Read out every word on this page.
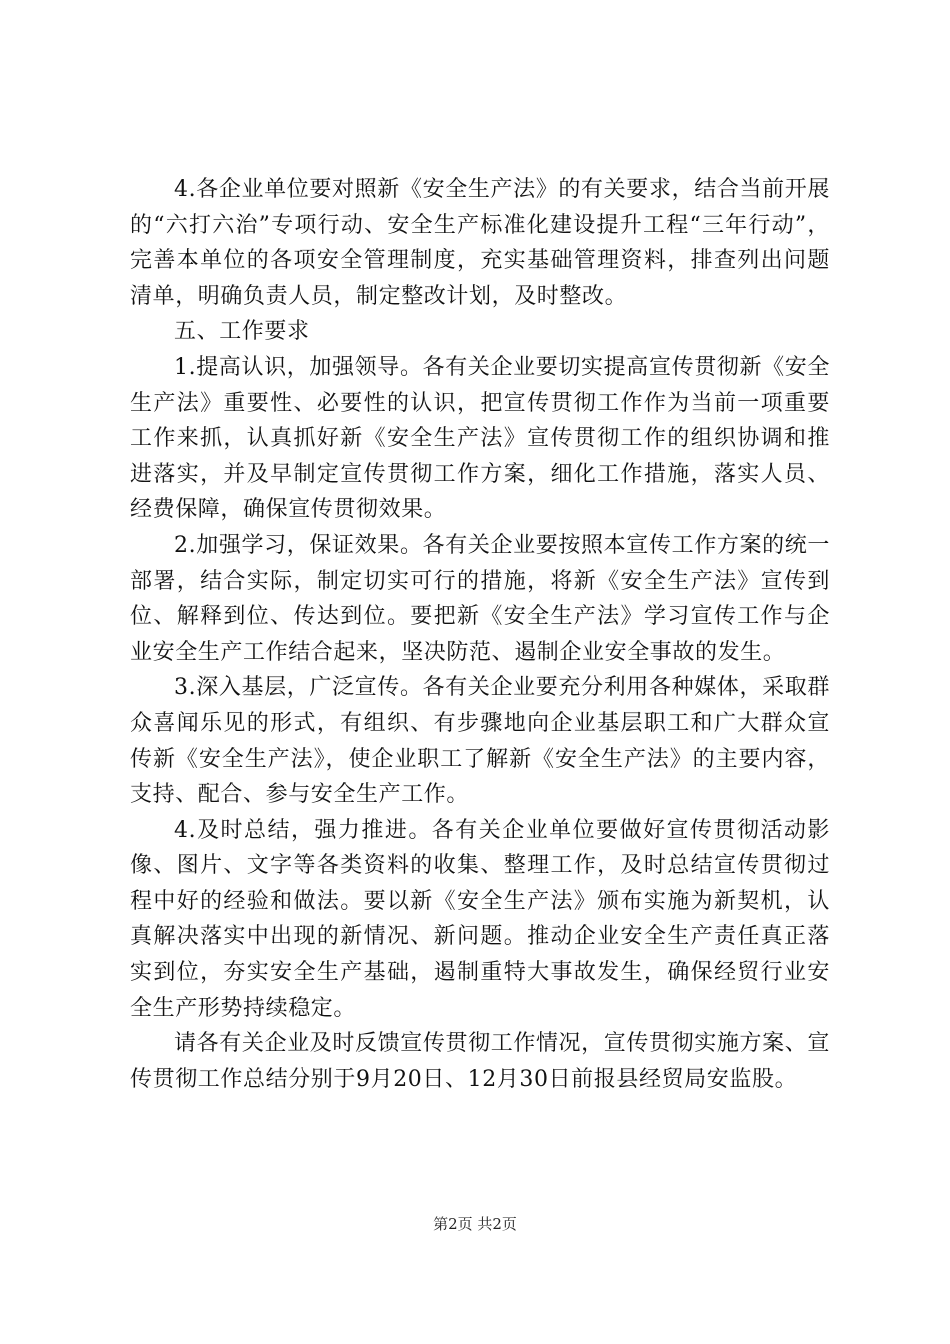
4.各企业单位要对照新《安全生产法》的有关要求，结合当前开展的“六打六治”专项行动、安全生产标准化建设提升工程“三年行动”，完善本单位的各项安全管理制度，充实基础管理资料，排查列出问题清单，明确负责人员，制定整改计划，及时整改。

五、工作要求

1.提高认识，加强领导。各有关企业要切实提高宣传贯彻新《安全生产法》重要性、必要性的认识，把宣传贯彻工作作为当前一项重要工作来抓，认真抓好新《安全生产法》宣传贯彻工作的组织协调和推进落实，并及早制定宣传贯彻工作方案，细化工作措施，落实人员、经费保障，确保宣传贯彻效果。

2.加强学习，保证效果。各有关企业要按照本宣传工作方案的统一部署，结合实际，制定切实可行的措施，将新《安全生产法》宣传到位、解释到位、传达到位。要把新《安全生产法》学习宣传工作与企业安全生产工作结合起来，坚决防范、遏制企业安全事故的发生。

3.深入基层，广泛宣传。各有关企业要充分利用各种媒体，采取群众喜闻乐见的形式，有组织、有步骤地向企业基层职工和广大群众宣传新《安全生产法》，使企业职工了解新《安全生产法》的主要内容，支持、配合、参与安全生产工作。

4.及时总结，强力推进。各有关企业单位要做好宣传贯彻活动影像、图片、文字等各类资料的收集、整理工作，及时总结宣传贯彻过程中好的经验和做法。要以新《安全生产法》颁布实施为新契机，认真解决落实中出现的新情况、新问题。推动企业安全生产责任真正落实到位，夯实安全生产基础，遏制重特大事故发生，确保经贸行业安全生产形势持续稳定。

请各有关企业及时反馈宣传贯彻工作情况，宣传贯彻实施方案、宣传贯彻工作总结分别于9月20日、12月30日前报县经贸局安监股。

第2页 共2页
